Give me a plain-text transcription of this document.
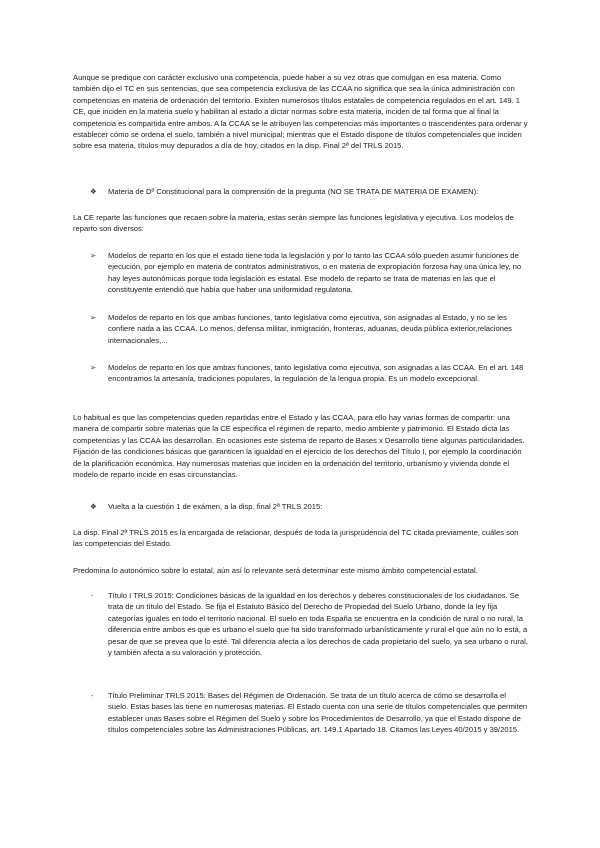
Aunque se predique con carácter exclusivo una competencia, puede haber a su vez otras que comulgan en esa materia. Como también dijo el TC en sus sentencias, que sea competencia exclusiva de las CCAA no significa que sea la única administración con competencias en materia de ordenación del territorio. Existen numerosos títulos estatales de competencia regulados en el art. 149. 1 CE, que inciden en la materia suelo y habilitan al estado a dictar normas sobre esta materia, inciden de tal forma que al final la competencia es compartida entre ambos. A la CCAA se le atribuyen las competencias más importantes o trascendentes para ordenar y establecer cómo se ordena el suelo, también a nivel municipal; mientras que el Estado dispone de títulos competenciales que inciden sobre esa materia, títulos muy depurados a día de hoy, citados en la disp. Final 2ª del TRLS 2015.

❖ Materia de Dº Constitucional para la comprensión de la pregunta (NO SE TRATA DE MATERIA DE EXAMEN):

La CE reparte las funciones que recaen sobre la materia, estas serán siempre las funciones legislativa y ejecutiva. Los modelos de reparto son diversos:

➢ Modelos de reparto en los que el estado tiene toda la legislación y por lo tanto las CCAA sólo pueden asumir funciones de ejecución, por ejemplo en materia de contratos administrativos, o en materia de expropiación forzosa hay una única ley, no hay leyes autonómicas porque toda legislación es estatal. Ese modelo de reparto se trata de materias en las que el constituyente entendió que había que haber una uniformidad regulatoria.

➢ Modelos de reparto en los que ambas funciones, tanto legislativa como ejecutiva, son asignadas al Estado, y no se les confiere nada a las CCAA. Lo menos, defensa militar, inmigración, fronteras, aduanas, deuda pública exterior,relaciones internacionales,...

➢ Modelos de reparto en los que ambas funciones, tanto legislativa como ejecutiva, son asignadas a las CCAA. En el art. 148 encontramos la artesanía, tradiciones populares, la regulación de la lengua propia. Es un modelo excepcional.

Lo habitual es que las competencias queden repartidas entre el Estado y las CCAA, para ello hay varias formas de compartir: una manera de compartir sobre materias que la CE especifica el régimen de reparto, medio ambiente y patrimonio. El Estado dicta las competencias y las CCAA las desarrollan. En ocasiones este sistema de reparto de Bases x Desarrollo tiene algunas particularidades. Fijación de las condiciones básicas que garanticen la igualdad en el ejercicio de los derechos del Título I, por ejemplo la coordinación de la planificación económica. Hay numerosas materias que inciden en la ordenación del territorio, urbanismo y vivienda donde el modelo de reparto incide en esas circunstancias.

❖ Vuelta a la cuestión 1 de exámen, a la disp. final 2ª TRLS 2015:

La disp. Final 2ª TRLS 2015 es la encargada de relacionar, después de toda la jurisprudencia del TC citada previamente, cuáles son las competencias del Estado.

Predomina lo autonómico sobre lo estatal, aún así lo relevante será determinar este mismo ámbito competencial estatal.

- Título I TRLS 2015: Condiciones básicas de la igualdad en los derechos y deberes constitucionales de los ciudadanos. Se trata de un título del Estado. Se fija el Estatuto Básico del Derecho de Propiedad del Suelo Urbano, donde la ley fija categorías iguales en todo el territorio nacional. El suelo en toda España se encuentra en la condición de rural o no rural, la diferencia entre ambos es que es urbano el suelo que ha sido transformado urbanísticamente y rural el que aún no lo está, a pesar de que se prevea que lo esté. Tal diferencia afecta a los derechos de cada propietario del suelo, ya sea urbano o rural, y también afecta a su valoración y protección.

- Título Preliminar TRLS 2015: Bases del Régimen de Ordenación. Se trata de un título acerca de cómo se desarrolla el suelo. Estas bases las tiene en numerosas materias. El Estado cuenta con una serie de títulos competenciales que permiten establecer unas Bases sobre el Régimen del Suelo y sobre los Procedimientos de Desarrollo, ya que el Estado dispone de títulos competenciales sobre las Administraciones Públicas, art. 149.1 Apartado 18. Citamos las Leyes 40/2015 y 39/2015.
